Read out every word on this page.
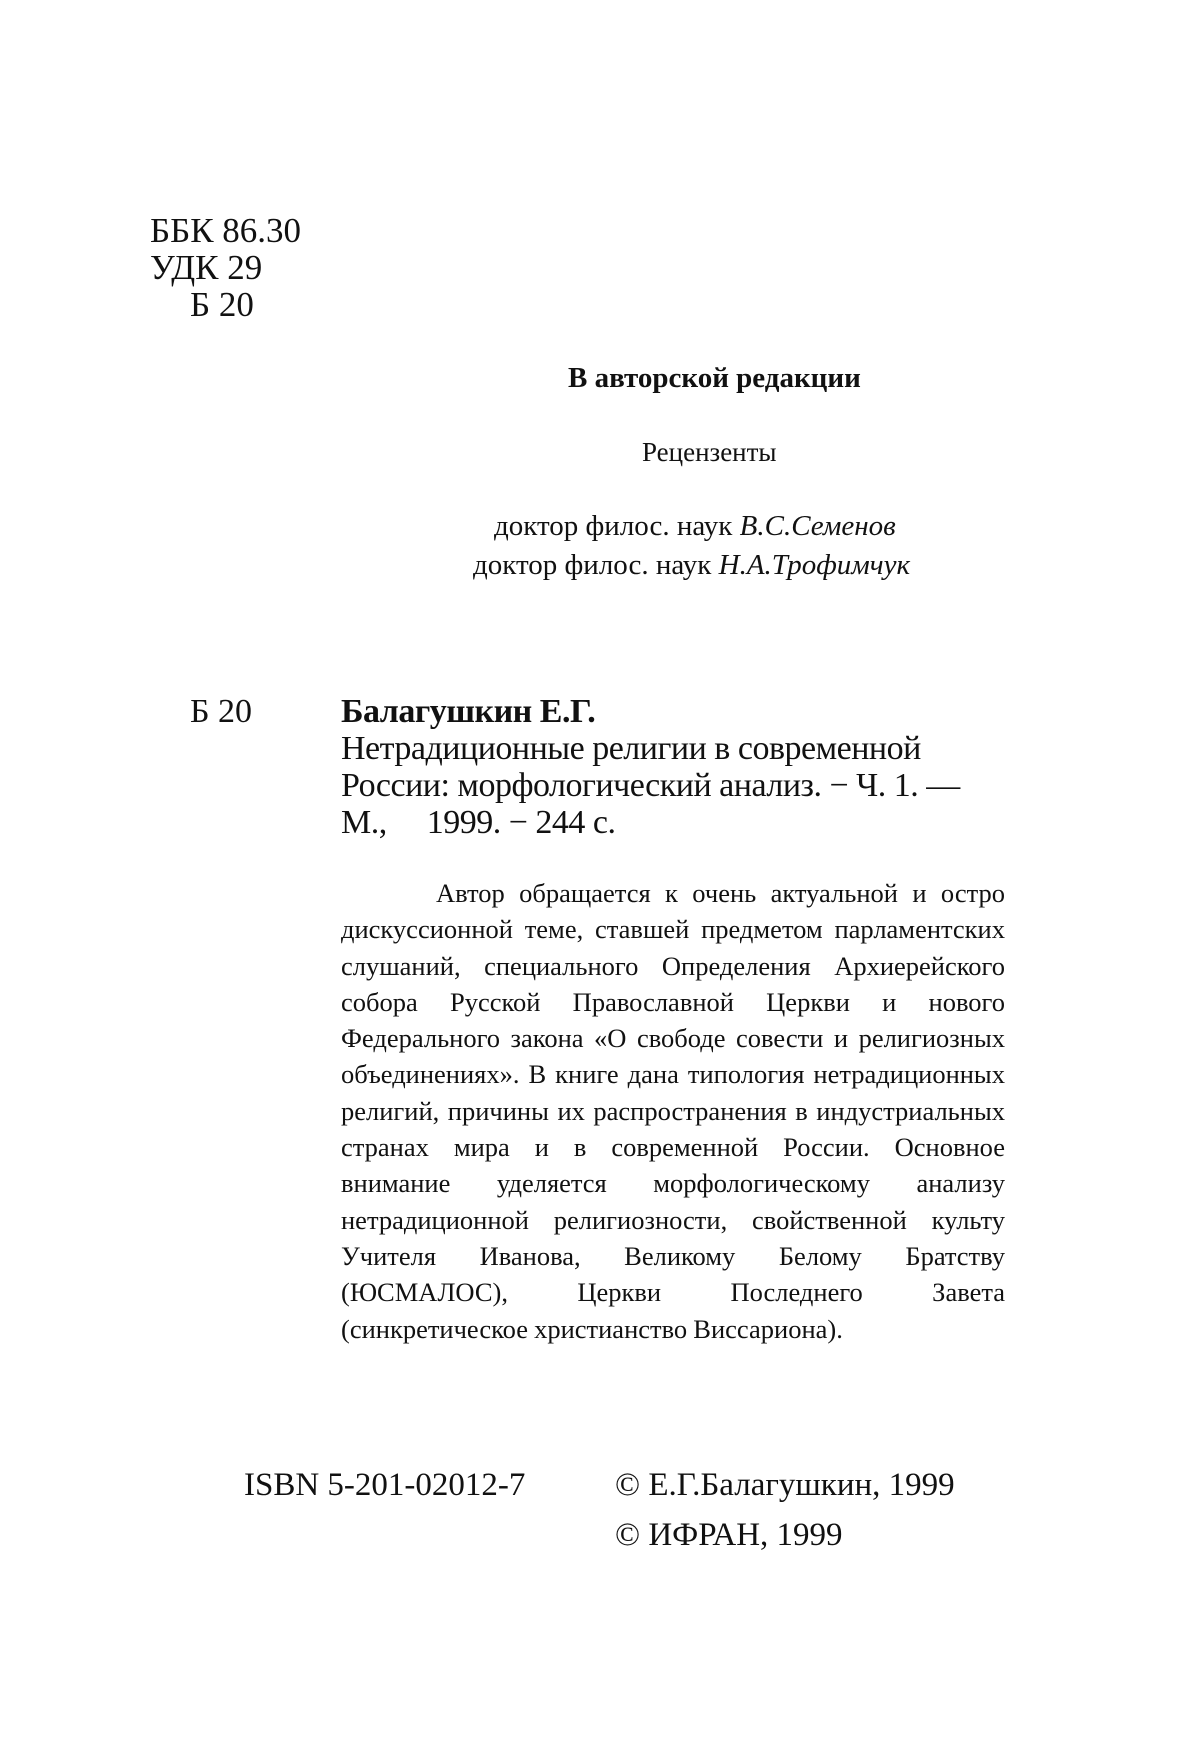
ББК 86.30
УДК 29
Б 20
В авторской редакции
Рецензенты
доктор филос. наук В.С.Семенов
доктор филос. наук Н.А.Трофимчук
Б 20	Балагушкин Е.Г.
Нетрадиционные религии в современной
России: морфологический анализ. − Ч. 1. —
М.,     1999. − 244 с.
Автор обращается к очень актуальной и остро дискуссионной теме, ставшей предметом парламентских слушаний, специального Определения Архиерейского собора Русской Православной Церкви и нового Федерального закона «О свободе совести и религиозных объединениях». В книге дана типология нетрадиционных религий, причины их распространения в индустриальных странах мира и в современной России. Основное внимание уделяется морфологическому анализу нетрадиционной религиозности, свойственной культу Учителя Иванова, Великому Белому Братству (ЮСМАЛОС), Церкви Последнего Завета (синкретическое христианство Виссариона).
ISBN 5-201-02012-7	© Е.Г.Балагушкин, 1999
© ИФРАН, 1999
